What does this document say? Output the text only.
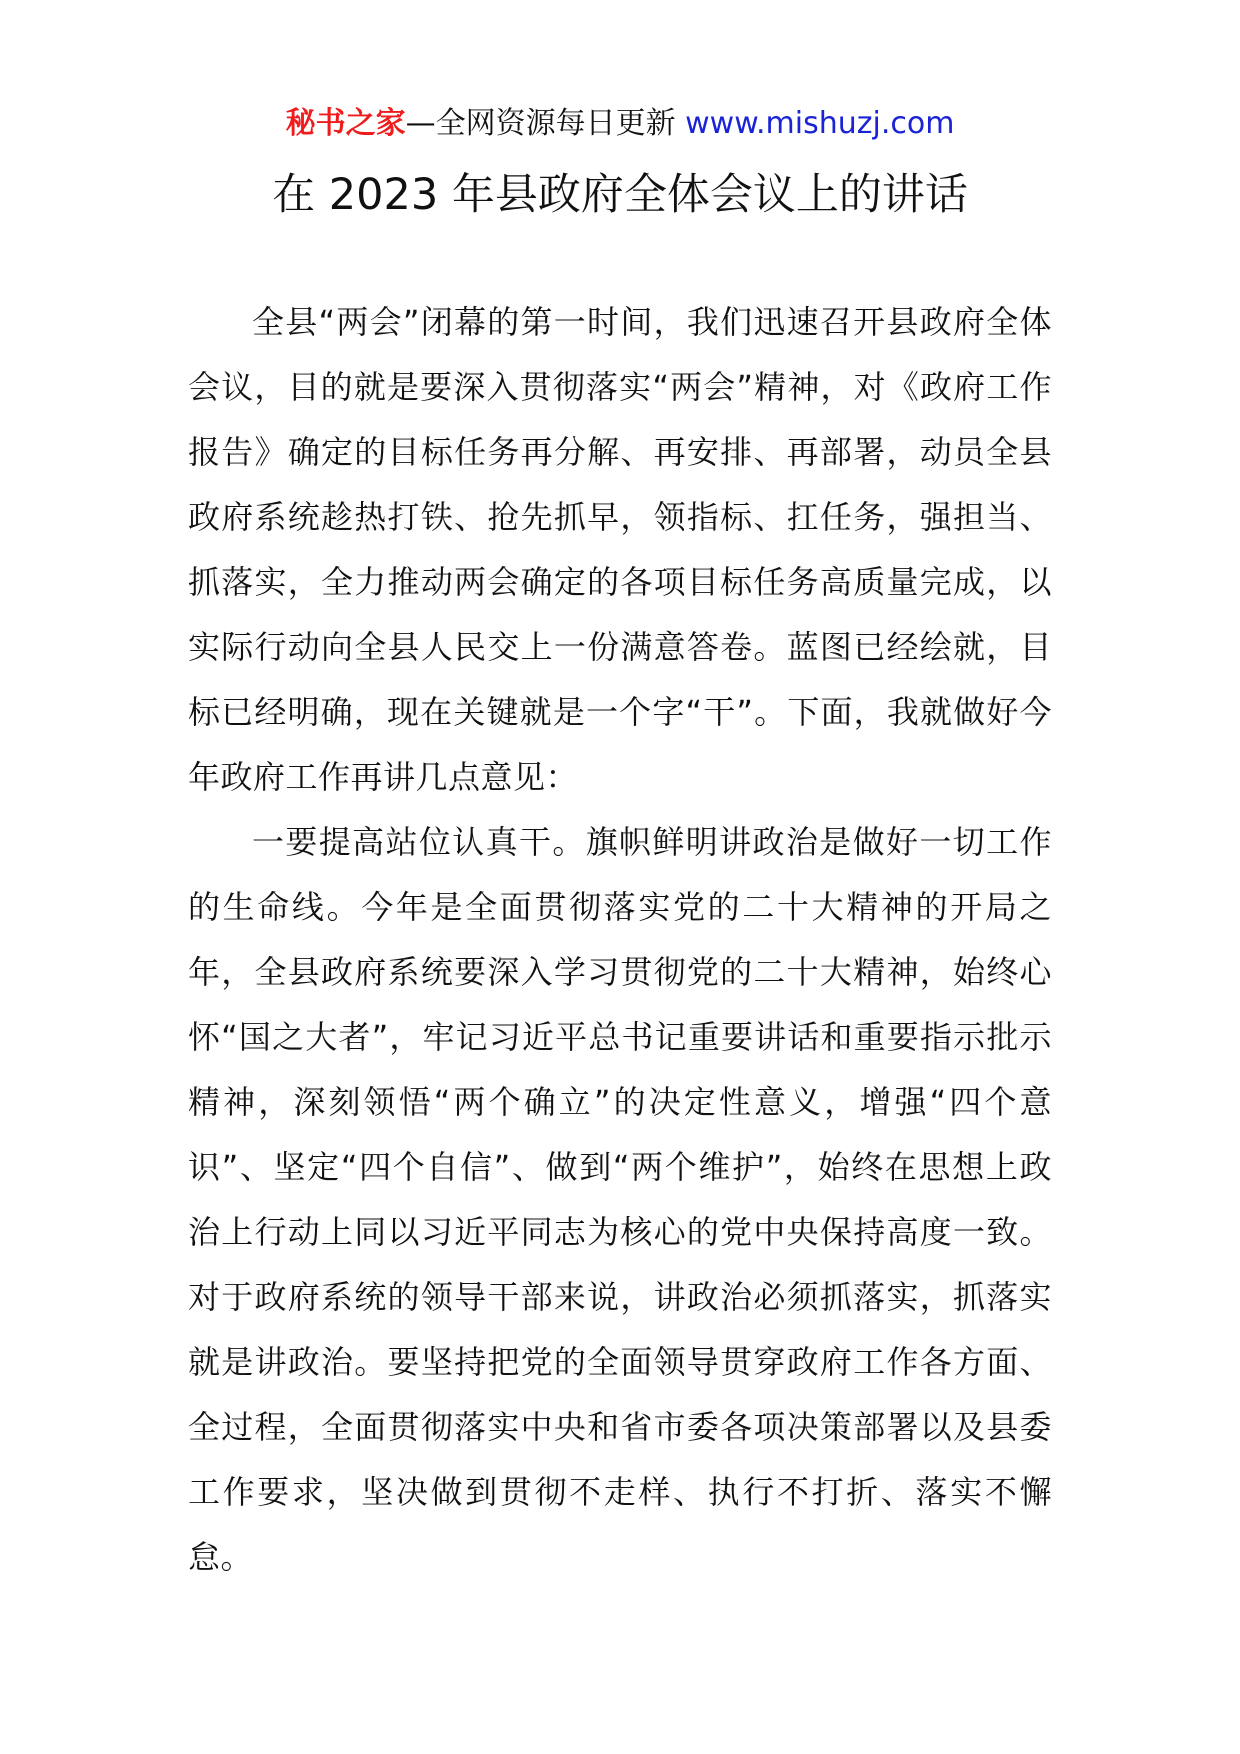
秘书之家—全网资源每日更新 www.mishuzj.com
在 2023 年县政府全体会议上的讲话

全县“两会”闭幕的第一时间，我们迅速召开县政府全体会议，目的就是要深入贯彻落实“两会”精神，对《政府工作报告》确定的目标任务再分解、再安排、再部署，动员全县政府系统趁热打铁、抢先抓早，领指标、扛任务，强担当、抓落实，全力推动两会确定的各项目标任务高质量完成，以实际行动向全县人民交上一份满意答卷。蓝图已经绘就，目标已经明确，现在关键就是一个字“干”。下面，我就做好今年政府工作再讲几点意见：

一要提高站位认真干。旗帜鲜明讲政治是做好一切工作的生命线。今年是全面贯彻落实党的二十大精神的开局之年，全县政府系统要深入学习贯彻党的二十大精神，始终心怀“国之大者”，牢记习近平总书记重要讲话和重要指示批示精神，深刻领悟“两个确立”的决定性意义，增强“四个意识”、坚定“四个自信”、做到“两个维护”，始终在思想上政治上行动上同以习近平同志为核心的党中央保持高度一致。对于政府系统的领导干部来说，讲政治必须抓落实，抓落实就是讲政治。要坚持把党的全面领导贯穿政府工作各方面、全过程，全面贯彻落实中央和省市委各项决策部署以及县委工作要求，坚决做到贯彻不走样、执行不打折、落实不懈怠。
